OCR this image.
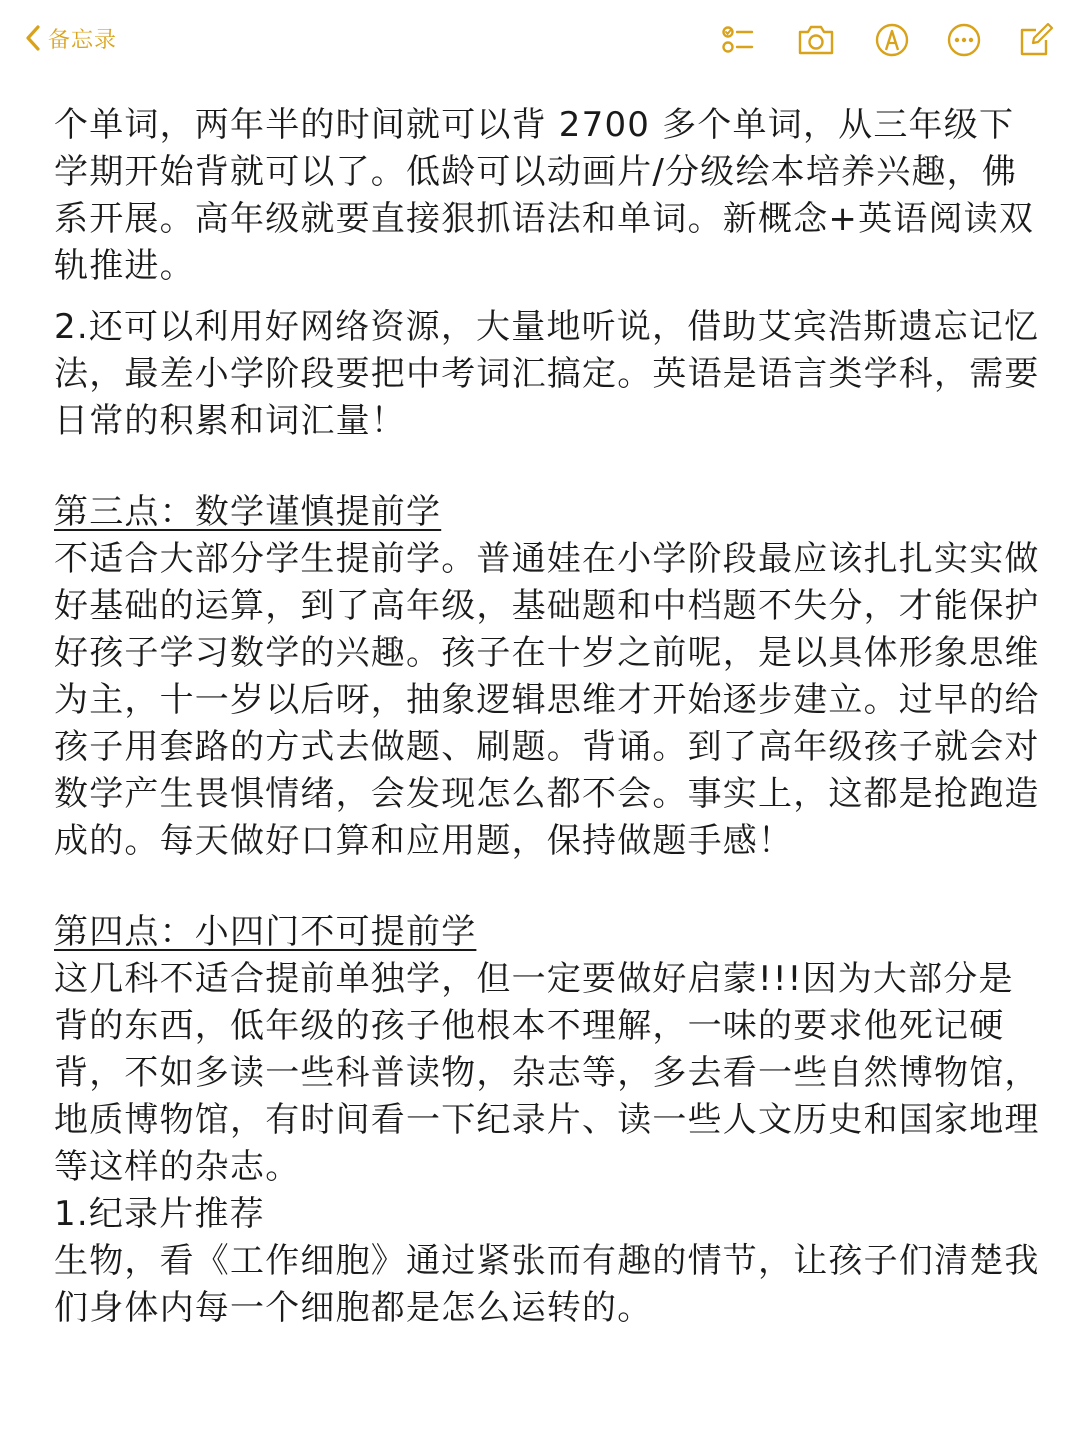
备忘录

个单词，两年半的时间就可以背 2700 多个单词，从三年级下学期开始背就可以了。低龄可以动画片/分级绘本培养兴趣，佛系开展。高年级就要直接狠抓语法和单词。新概念+英语阅读双轨推进。

2.还可以利用好网络资源，大量地听说，借助艾宾浩斯遗忘记忆法，最差小学阶段要把中考词汇搞定。英语是语言类学科，需要日常的积累和词汇量！

第三点：数学谨慎提前学

不适合大部分学生提前学。普通娃在小学阶段最应该扎扎实实做好基础的运算，到了高年级，基础题和中档题不失分，才能保护好孩子学习数学的兴趣。孩子在十岁之前呢，是以具体形象思维为主，十一岁以后呀，抽象逻辑思维才开始逐步建立。过早的给孩子用套路的方式去做题、刷题。背诵。到了高年级孩子就会对数学产生畏惧情绪，会发现怎么都不会。事实上，这都是抢跑造成的。每天做好口算和应用题，保持做题手感！

第四点：小四门不可提前学

这几科不适合提前单独学，但一定要做好启蒙!!!因为大部分是背的东西，低年级的孩子他根本不理解，一味的要求他死记硬背，不如多读一些科普读物，杂志等，多去看一些自然博物馆，地质博物馆，有时间看一下纪录片、读一些人文历史和国家地理等这样的杂志。

1.纪录片推荐

生物，看《工作细胞》通过紧张而有趣的情节，让孩子们清楚我们身体内每一个细胞都是怎么运转的。
